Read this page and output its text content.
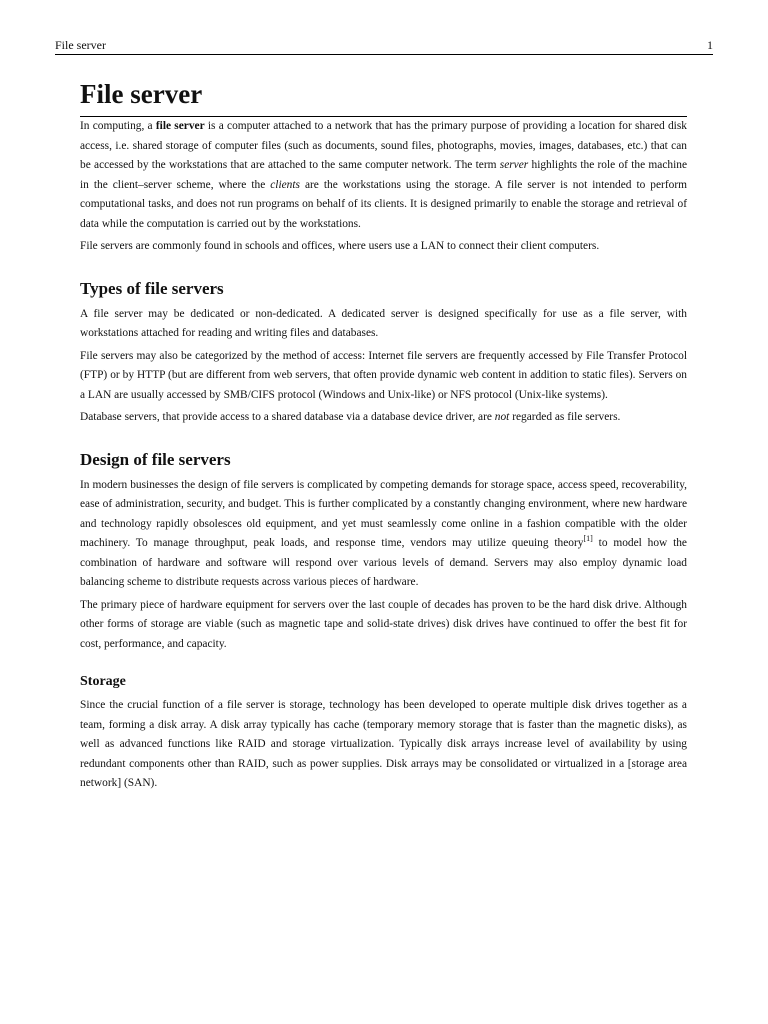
File server	1
File server

In computing, a file server is a computer attached to a network that has the primary purpose of providing a location for shared disk access, i.e. shared storage of computer files (such as documents, sound files, photographs, movies, images, databases, etc.) that can be accessed by the workstations that are attached to the same computer network. The term server highlights the role of the machine in the client–server scheme, where the clients are the workstations using the storage. A file server is not intended to perform computational tasks, and does not run programs on behalf of its clients. It is designed primarily to enable the storage and retrieval of data while the computation is carried out by the workstations.

File servers are commonly found in schools and offices, where users use a LAN to connect their client computers.

Types of file servers

A file server may be dedicated or non-dedicated. A dedicated server is designed specifically for use as a file server, with workstations attached for reading and writing files and databases.

File servers may also be categorized by the method of access: Internet file servers are frequently accessed by File Transfer Protocol (FTP) or by HTTP (but are different from web servers, that often provide dynamic web content in addition to static files). Servers on a LAN are usually accessed by SMB/CIFS protocol (Windows and Unix-like) or NFS protocol (Unix-like systems).

Database servers, that provide access to a shared database via a database device driver, are not regarded as file servers.

Design of file servers

In modern businesses the design of file servers is complicated by competing demands for storage space, access speed, recoverability, ease of administration, security, and budget. This is further complicated by a constantly changing environment, where new hardware and technology rapidly obsolesces old equipment, and yet must seamlessly come online in a fashion compatible with the older machinery. To manage throughput, peak loads, and response time, vendors may utilize queuing theory[1] to model how the combination of hardware and software will respond over various levels of demand. Servers may also employ dynamic load balancing scheme to distribute requests across various pieces of hardware.

The primary piece of hardware equipment for servers over the last couple of decades has proven to be the hard disk drive. Although other forms of storage are viable (such as magnetic tape and solid-state drives) disk drives have continued to offer the best fit for cost, performance, and capacity.

Storage

Since the crucial function of a file server is storage, technology has been developed to operate multiple disk drives together as a team, forming a disk array. A disk array typically has cache (temporary memory storage that is faster than the magnetic disks), as well as advanced functions like RAID and storage virtualization. Typically disk arrays increase level of availability by using redundant components other than RAID, such as power supplies. Disk arrays may be consolidated or virtualized in a [storage area network] (SAN).
